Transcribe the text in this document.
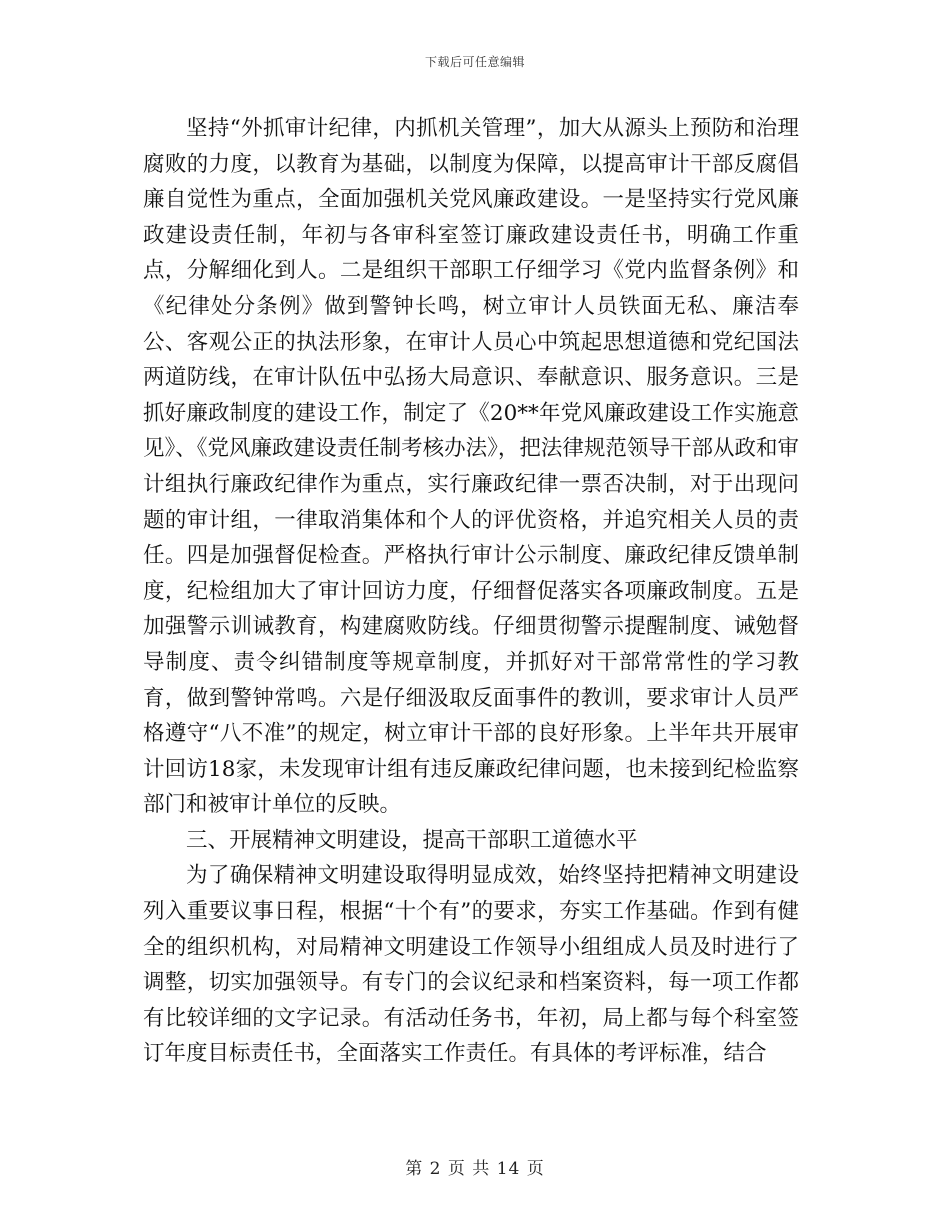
下载后可任意编辑

坚持“外抓审计纪律，内抓机关管理”，加大从源头上预防和治理腐败的力度，以教育为基础，以制度为保障，以提高审计干部反腐倡廉自觉性为重点，全面加强机关党风廉政建设。一是坚持实行党风廉政建设责任制，年初与各审科室签订廉政建设责任书，明确工作重点，分解细化到人。二是组织干部职工仔细学习《党内监督条例》和《纪律处分条例》做到警钟长鸣，树立审计人员铁面无私、廉洁奉公、客观公正的执法形象，在审计人员心中筑起思想道德和党纪国法两道防线，在审计队伍中弘扬大局意识、奉献意识、服务意识。三是抓好廉政制度的建设工作，制定了《20**年党风廉政建设工作实施意见》、《党风廉政建设责任制考核办法》，把法律规范领导干部从政和审计组执行廉政纪律作为重点，实行廉政纪律一票否决制，对于出现问题的审计组，一律取消集体和个人的评优资格，并追究相关人员的责任。四是加强督促检查。严格执行审计公示制度、廉政纪律反馈单制度，纪检组加大了审计回访力度，仔细督促落实各项廉政制度。五是加强警示训诫教育，构建腐败防线。仔细贯彻警示提醒制度、诫勉督导制度、责令纠错制度等规章制度，并抓好对干部常常性的学习教育，做到警钟常鸣。六是仔细汲取反面事件的教训，要求审计人员严格遵守“八不准”的规定，树立审计干部的良好形象。上半年共开展审计回访18家，未发现审计组有违反廉政纪律问题，也未接到纪检监察部门和被审计单位的反映。

三、开展精神文明建设，提高干部职工道德水平

为了确保精神文明建设取得明显成效，始终坚持把精神文明建设列入重要议事日程，根据“十个有”的要求，夯实工作基础。作到有健全的组织机构，对局精神文明建设工作领导小组组成人员及时进行了调整，切实加强领导。有专门的会议纪录和档案资料，每一项工作都有比较详细的文字记录。有活动任务书，年初，局上都与每个科室签订年度目标责任书，全面落实工作责任。有具体的考评标准，结合

第 2 页 共 14 页
